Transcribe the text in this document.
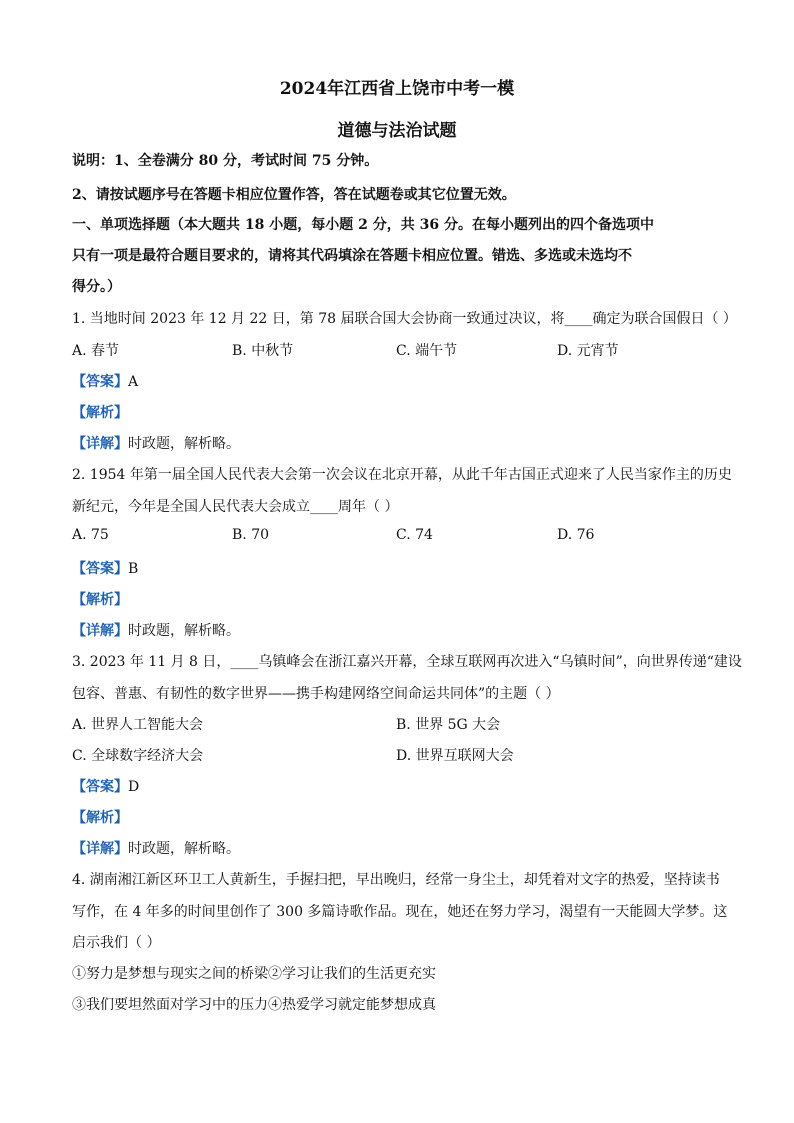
2024年江西省上饶市中考一模
道德与法治试题
说明：1、全卷满分 80 分，考试时间 75 分钟。
2、请按试题序号在答题卡相应位置作答，答在试题卷或其它位置无效。
一、单项选择题（本大题共 18 小题，每小题 2 分，共 36 分。在每小题列出的四个备选项中
只有一项是最符合题目要求的，请将其代码填涂在答题卡相应位置。错选、多选或未选均不
得分。）
1. 当地时间 2023 年 12 月 22 日，第 78 届联合国大会协商一致通过决议，将____确定为联合国假日（ ）
A. 春节	B. 中秋节	C. 端午节	D. 元宵节
【答案】A
【解析】
【详解】时政题，解析略。
2. 1954 年第一届全国人民代表大会第一次会议在北京开幕，从此千年古国正式迎来了人民当家作主的历史
新纪元，今年是全国人民代表大会成立____周年（ ）
A. 75	B. 70	C. 74	D. 76
【答案】B
【解析】
【详解】时政题，解析略。
3. 2023 年 11 月 8 日，____乌镇峰会在浙江嘉兴开幕，全球互联网再次进入“乌镇时间”，向世界传递“建设
包容、普惠、有韧性的数字世界——携手构建网络空间命运共同体”的主题（ ）
A. 世界人工智能大会	B. 世界 5G 大会
C. 全球数字经济大会	D. 世界互联网大会
【答案】D
【解析】
【详解】时政题，解析略。
4. 湖南湘江新区环卫工人黄新生，手握扫把，早出晚归，经常一身尘土，却凭着对文字的热爱，坚持读书
写作，在 4 年多的时间里创作了 300 多篇诗歌作品。现在，她还在努力学习，渴望有一天能圆大学梦。这
启示我们（ ）
①努力是梦想与现实之间的桥梁②学习让我们的生活更充实
③我们要坦然面对学习中的压力④热爱学习就定能梦想成真
